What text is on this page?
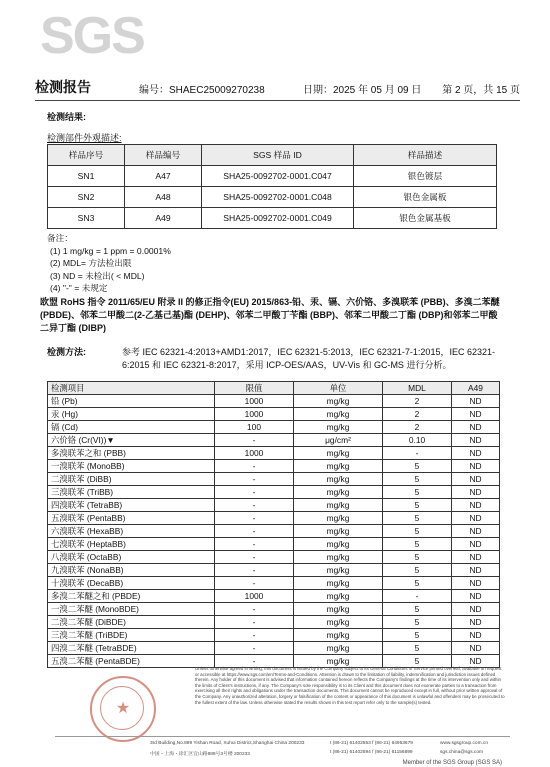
SGS
检测报告	编号：SHAEC25009270238	日期：2025 年 05 月 09 日 第 2 页，共 15 页
检测结果:
检测部件外观描述:
样品序号	样品编号	SGS 样品 ID	样品描述
SN1	A47	SHA25-0092702-0001.C047	银色镀层
SN2	A48	SHA25-0092702-0001.C048	银色金属板
SN3	A49	SHA25-0092702-0001.C049	银色金属基板
备注：
(1) 1 mg/kg = 1 ppm = 0.0001%
(2) MDL= 方法检出限
(3) ND = 未检出( < MDL)
(4) "-" = 未规定
欧盟 RoHS 指令 2011/65/EU 附录 II 的修正指令(EU) 2015/863-铅、汞、镉、六价铬、多溴联苯 (PBB)、多溴二苯醚 (PBDE)、邻苯二甲酸二(2-乙基己基)酯 (DEHP)、邻苯二甲酸丁苄酯 (BBP)、邻苯二甲酸二丁酯 (DBP)和邻苯二甲酸二异丁酯 (DIBP)
检测方法:	参考 IEC 62321-4:2013+AMD1:2017，IEC 62321-5:2013，IEC 62321-7-1:2015，IEC 62321-6:2015 和 IEC 62321-8:2017，采用 ICP-OES/AAS，UV-Vis 和 GC-MS 进行分析。
检测项目	限值	单位	MDL	A49
铅 (Pb)	1000	mg/kg	2	ND
汞 (Hg)	1000	mg/kg	2	ND
镉 (Cd)	100	mg/kg	2	ND
六价铬 (Cr(VI))▼	-	μg/cm²	0.10	ND
多溴联苯之和 (PBB)	1000	mg/kg	-	ND
一溴联苯 (MonoBB)	-	mg/kg	5	ND
二溴联苯 (DiBB)	-	mg/kg	5	ND
三溴联苯 (TriBB)	-	mg/kg	5	ND
四溴联苯 (TetraBB)	-	mg/kg	5	ND
五溴联苯 (PentaBB)	-	mg/kg	5	ND
六溴联苯 (HexaBB)	-	mg/kg	5	ND
七溴联苯 (HeptaBB)	-	mg/kg	5	ND
八溴联苯 (OctaBB)	-	mg/kg	5	ND
九溴联苯 (NonaBB)	-	mg/kg	5	ND
十溴联苯 (DecaBB)	-	mg/kg	5	ND
多溴二苯醚之和 (PBDE)	1000	mg/kg	-	ND
一溴二苯醚 (MonoBDE)	-	mg/kg	5	ND
二溴二苯醚 (DiBDE)	-	mg/kg	5	ND
三溴二苯醚 (TriBDE)	-	mg/kg	5	ND
四溴二苯醚 (TetraBDE)	-	mg/kg	5	ND
五溴二苯醚 (PentaBDE)	-	mg/kg	5	ND
★
Unless otherwise agreed in writing, this document is issued by the Company subject to its General Conditions of Service printed overleaf, available on request or accessible at https://www.sgs.com/en/Terms-and-Conditions. Attention is drawn to the limitation of liability, indemnification and jurisdiction issues defined therein. Any holder of this document is advised that information contained hereon reflects the Company's findings at the time of its intervention only and within the limits of Client's instructions, if any. The Company's sole responsibility is to its Client and this document does not exonerate parties to a transaction from exercising all their rights and obligations under the transaction documents. This document cannot be reproduced except in full, without prior written approval of the Company. Any unauthorized alteration, forgery or falsification of the content or appearance of this document is unlawful and offenders may be prosecuted to the fullest extent of the law. Unless otherwise stated the results shown in this test report refer only to the sample(s) tested.
3rd Building,No.889 Yishan Road, Xuhui District,Shanghai China 200233
中国・上海・徐汇区宜山路889号3号楼 200233
t (86-21) 61402553 f (86-21) 64953679
t (86-21) 61402594 f (86-21) 61156899
www.sgsgroup.com.cn
sgs.china@sgs.com
Member of the SGS Group (SGS SA)
